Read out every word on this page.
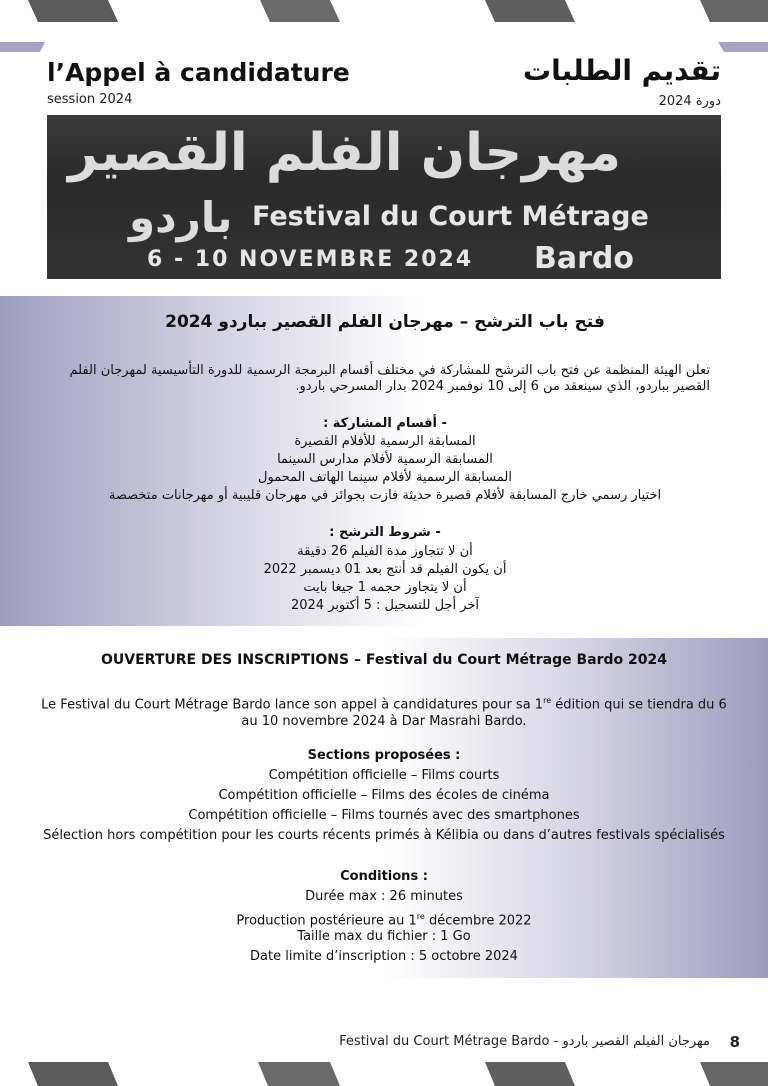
l’Appel à candidature
session 2024
تقديم الطلبات
دورة 2024
مهرجان الفلم القصير
باردو Festival du Court Métrage
6 - 10 NOVEMBRE 2024 Bardo
فتح باب الترشح – مهرجان الفلم القصير بباردو 2024
تعلن الهيئة المنظمة عن فتح باب الترشح للمشاركة في مختلف أقسام البرمجة الرسمية للدورة التأسيسية لمهرجان الفلم القصير بباردو، الذي سينعقد من 6 إلى 10 نوفمبر 2024 بدار المسرحي باردو.
- أقسام المشاركة :
المسابقة الرسمية للأفلام القصيرة
المسابقة الرسمية لأفلام مدارس السينما
المسابقة الرسمية لأفلام سينما الهاتف المحمول
اختيار رسمي خارج المسابقة لأفلام قصيرة حديثة فازت بجوائز في مهرجان قليبية أو مهرجانات متخصصة
- شروط الترشح :
أن لا تتجاوز مدة الفيلم 26 دقيقة
أن يكون الفيلم قد أنتج بعد 01 ديسمبر 2022
أن لا يتجاوز حجمه 1 جيغا بايت
آخر أجل للتسجيل : 5 أكتوبر 2024
OUVERTURE DES INSCRIPTIONS – Festival du Court Métrage Bardo 2024
Le Festival du Court Métrage Bardo lance son appel à candidatures pour sa 1re édition qui se tiendra du 6 au 10 novembre 2024 à Dar Masrahi Bardo.
Sections proposées :
Compétition officielle – Films courts
Compétition officielle – Films des écoles de cinéma
Compétition officielle – Films tournés avec des smartphones
Sélection hors compétition pour les courts récents primés à Kélibia ou dans d’autres festivals spécialisés
Conditions :
Durée max : 26 minutes
Production postérieure au 1re décembre 2022
Taille max du fichier : 1 Go
Date limite d’inscription : 5 octobre 2024
Festival du Court Métrage Bardo - مهرجان الفيلم القصير باردو 8
